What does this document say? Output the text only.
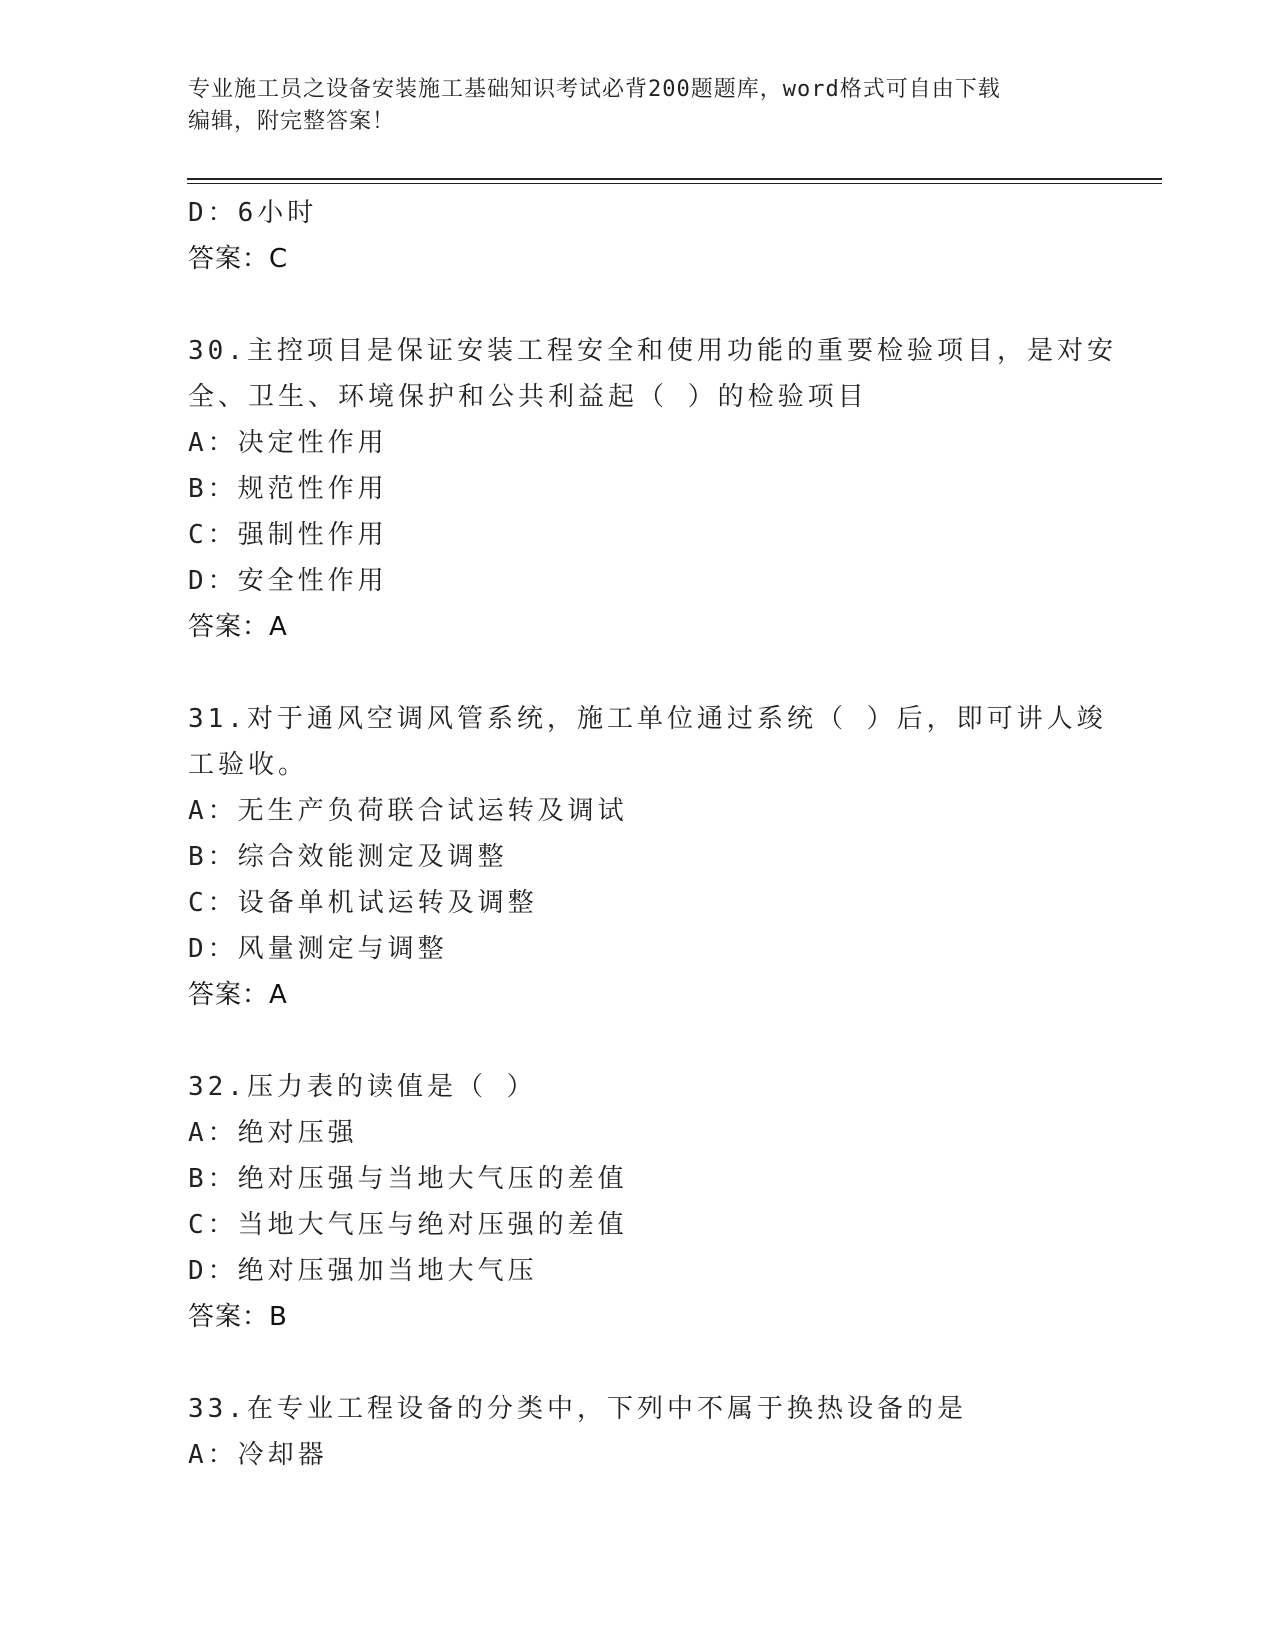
专业施工员之设备安装施工基础知识考试必背200题题库，word格式可自由下载
编辑，附完整答案！
D：6小时
答案：C
30.主控项目是保证安装工程安全和使用功能的重要检验项目，是对安
全、卫生、环境保护和公共利益起（ ）的检验项目
A：决定性作用
B：规范性作用
C：强制性作用
D：安全性作用
答案：A
31.对于通风空调风管系统，施工单位通过系统（ ）后，即可讲人竣
工验收。
A：无生产负荷联合试运转及调试
B：综合效能测定及调整
C：设备单机试运转及调整
D：风量测定与调整
答案：A
32.压力表的读值是（ ）
A：绝对压强
B：绝对压强与当地大气压的差值
C：当地大气压与绝对压强的差值
D：绝对压强加当地大气压
答案：B
33.在专业工程设备的分类中，下列中不属于换热设备的是
A：冷却器
